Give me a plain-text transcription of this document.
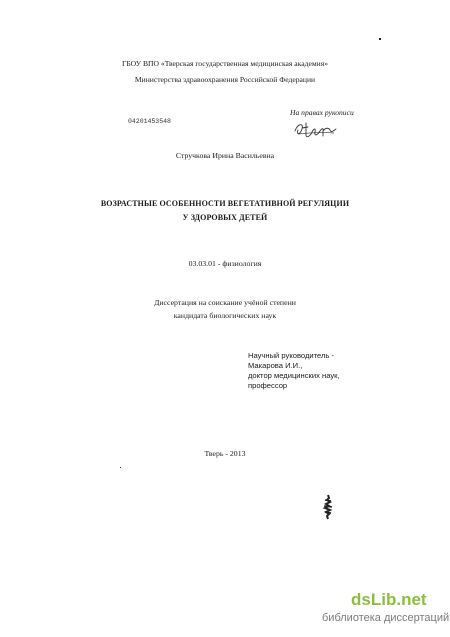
ГБОУ ВПО «Тверская государственная медицинская академия»
Министерства здравоохранения Российской Федерации
На правах рукописи
04201453548
Стручкова Ирина Васильевна
ВОЗРАСТНЫЕ ОСОБЕННОСТИ ВЕГЕТАТИВНОЙ РЕГУЛЯЦИИ
У ЗДОРОВЫХ ДЕТЕЙ
03.03.01 - физиология
Диссертация на соискание учёной степени
кандидата биологических наук
Научный руководитель -
Макарова И.И.,
доктор медицинских наук,
профессор
Тверь - 2013
dsLib.net
библиотека диссертаций
